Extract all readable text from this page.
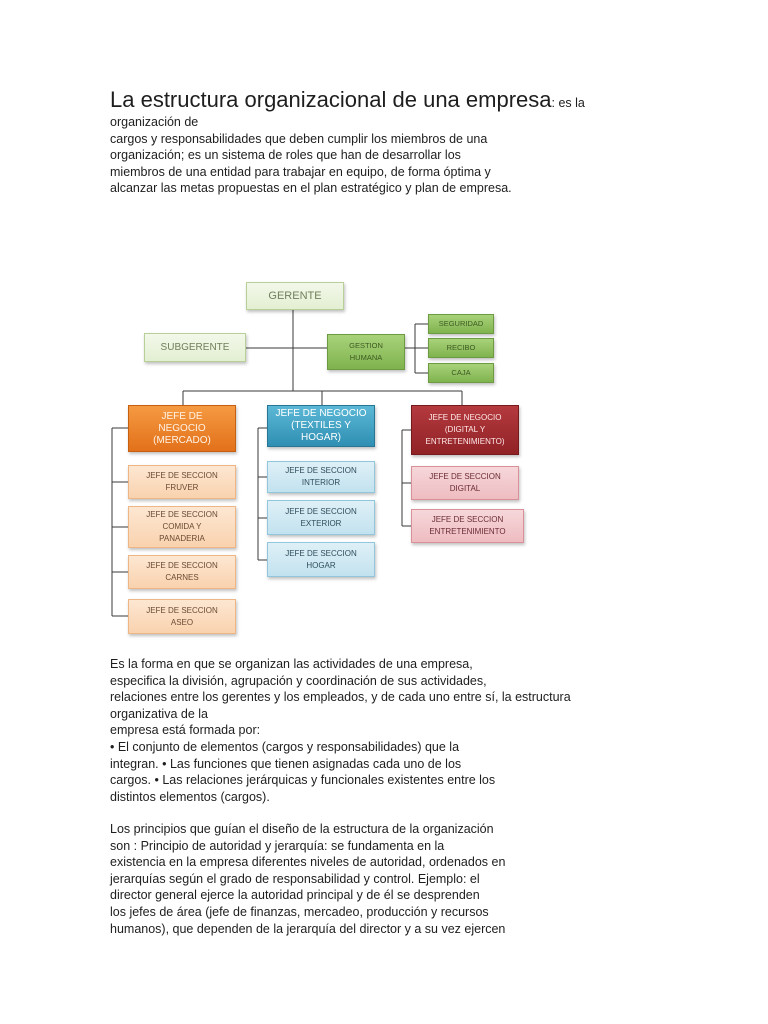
La estructura organizacional de una empresa: es la
organización de
cargos y responsabilidades que deben cumplir los miembros de una
organización; es un sistema de roles que han de desarrollar los
miembros de una entidad para trabajar en equipo, de forma óptima y
alcanzar las metas propuestas en el plan estratégico y plan de empresa.
Es la forma en que se organizan las actividades de una empresa,
especifica la división, agrupación y coordinación de sus actividades,
relaciones entre los gerentes y los empleados, y de cada uno entre sí, la estructura
organizativa de la
empresa está formada por:
• El conjunto de elementos (cargos y responsabilidades) que la
integran. • Las funciones que tienen asignadas cada uno de los
cargos. • Las relaciones jerárquicas y funcionales existentes entre los
distintos elementos (cargos).
Los principios que guían el diseño de la estructura de la organización
son : Principio de autoridad y jerarquía: se fundamenta en la
existencia en la empresa diferentes niveles de autoridad, ordenados en
jerarquías según el grado de responsabilidad y control. Ejemplo: el
director general ejerce la autoridad principal y de él se desprenden
los jefes de área (jefe de finanzas, mercadeo, producción y recursos
humanos), que dependen de la jerarquía del director y a su vez ejercen
GERENTE
SUBGERENTE	GESTION
HUMANA
SEGURIDAD
RECIBO
CAJA
JEFE DE
NEGOCIO
(MERCADO)
JEFE DE NEGOCIO
(TEXTILES Y
HOGAR)
JEFE DE NEGOCIO
(DIGITAL Y
ENTRETENIMIENTO)
JEFE DE SECCION
FRUVER
JEFE DE SECCION
COMIDA Y
PANADERIA
JEFE DE SECCION
CARNES
JEFE DE SECCION
ASEO
JEFE DE SECCION
INTERIOR
JEFE DE SECCION
EXTERIOR
JEFE DE SECCION
HOGAR
JEFE DE SECCION
DIGITAL
JEFE DE SECCION
ENTRETENIMIENTO
